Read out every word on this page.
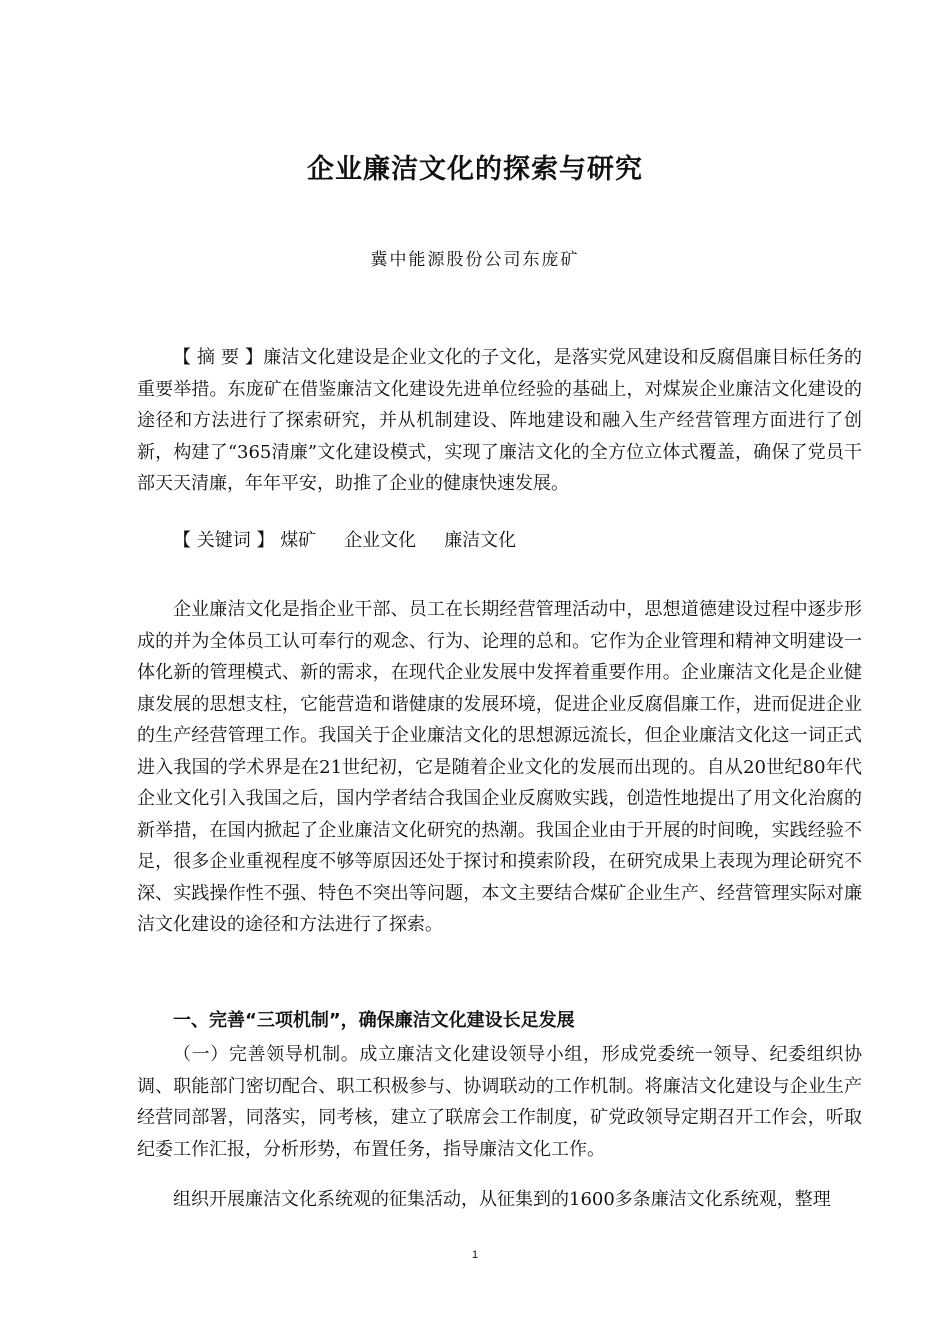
企业廉洁文化的探索与研究
冀中能源股份公司东庞矿
【 摘 要 】廉洁文化建设是企业文化的子文化，是落实党风建设和反腐倡廉目标任务的重要举措。东庞矿在借鉴廉洁文化建设先进单位经验的基础上，对煤炭企业廉洁文化建设的途径和方法进行了探索研究，并从机制建设、阵地建设和融入生产经营管理方面进行了创新，构建了“365清廉”文化建设模式，实现了廉洁文化的全方位立体式覆盖，确保了党员干部天天清廉，年年平安，助推了企业的健康快速发展。
【 关键词 】 煤矿 企业文化 廉洁文化
企业廉洁文化是指企业干部、员工在长期经营管理活动中，思想道德建设过程中逐步形成的并为全体员工认可奉行的观念、行为、论理的总和。它作为企业管理和精神文明建设一体化新的管理模式、新的需求，在现代企业发展中发挥着重要作用。企业廉洁文化是企业健康发展的思想支柱，它能营造和谐健康的发展环境，促进企业反腐倡廉工作，进而促进企业的生产经营管理工作。我国关于企业廉洁文化的思想源远流长，但企业廉洁文化这一词正式进入我国的学术界是在21世纪初，它是随着企业文化的发展而出现的。自从20世纪80年代企业文化引入我国之后，国内学者结合我国企业反腐败实践，创造性地提出了用文化治腐的新举措，在国内掀起了企业廉洁文化研究的热潮。我国企业由于开展的时间晚，实践经验不足，很多企业重视程度不够等原因还处于探讨和摸索阶段，在研究成果上表现为理论研究不深、实践操作性不强、特色不突出等问题，本文主要结合煤矿企业生产、经营管理实际对廉洁文化建设的途径和方法进行了探索。
一、完善“三项机制”，确保廉洁文化建设长足发展
（一）完善领导机制。成立廉洁文化建设领导小组，形成党委统一领导、纪委组织协调、职能部门密切配合、职工积极参与、协调联动的工作机制。将廉洁文化建设与企业生产经营同部署，同落实，同考核，建立了联席会工作制度，矿党政领导定期召开工作会，听取纪委工作汇报，分析形势，布置任务，指导廉洁文化工作。
组织开展廉洁文化系统观的征集活动，从征集到的1600多条廉洁文化系统观，整理
1
